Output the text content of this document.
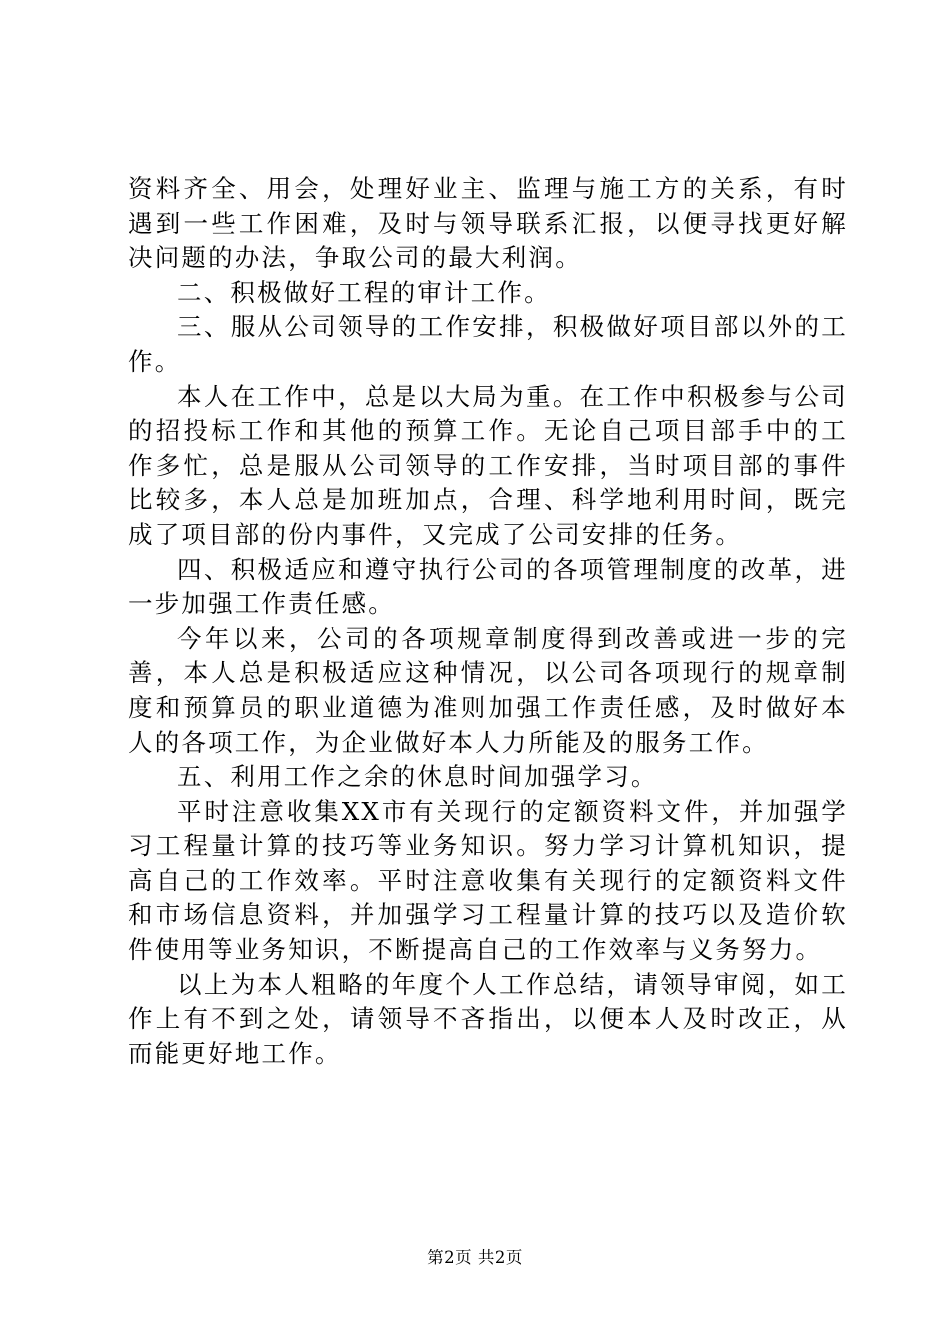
资料齐全、用会，处理好业主、监理与施工方的关系，有时遇到一些工作困难，及时与领导联系汇报，以便寻找更好解决问题的办法，争取公司的最大利润。

二、积极做好工程的审计工作。

三、服从公司领导的工作安排，积极做好项目部以外的工作。

本人在工作中，总是以大局为重。在工作中积极参与公司的招投标工作和其他的预算工作。无论自己项目部手中的工作多忙，总是服从公司领导的工作安排，当时项目部的事件比较多，本人总是加班加点，合理、科学地利用时间，既完成了项目部的份内事件，又完成了公司安排的任务。

四、积极适应和遵守执行公司的各项管理制度的改革，进一步加强工作责任感。

今年以来，公司的各项规章制度得到改善或进一步的完善，本人总是积极适应这种情况，以公司各项现行的规章制度和预算员的职业道德为准则加强工作责任感，及时做好本人的各项工作，为企业做好本人力所能及的服务工作。

五、利用工作之余的休息时间加强学习。

平时注意收集XX市有关现行的定额资料文件，并加强学习工程量计算的技巧等业务知识。努力学习计算机知识，提高自己的工作效率。平时注意收集有关现行的定额资料文件和市场信息资料，并加强学习工程量计算的技巧以及造价软件使用等业务知识，不断提高自己的工作效率与义务努力。

以上为本人粗略的年度个人工作总结，请领导审阅，如工作上有不到之处，请领导不吝指出，以便本人及时改正，从而能更好地工作。

第2页 共2页
